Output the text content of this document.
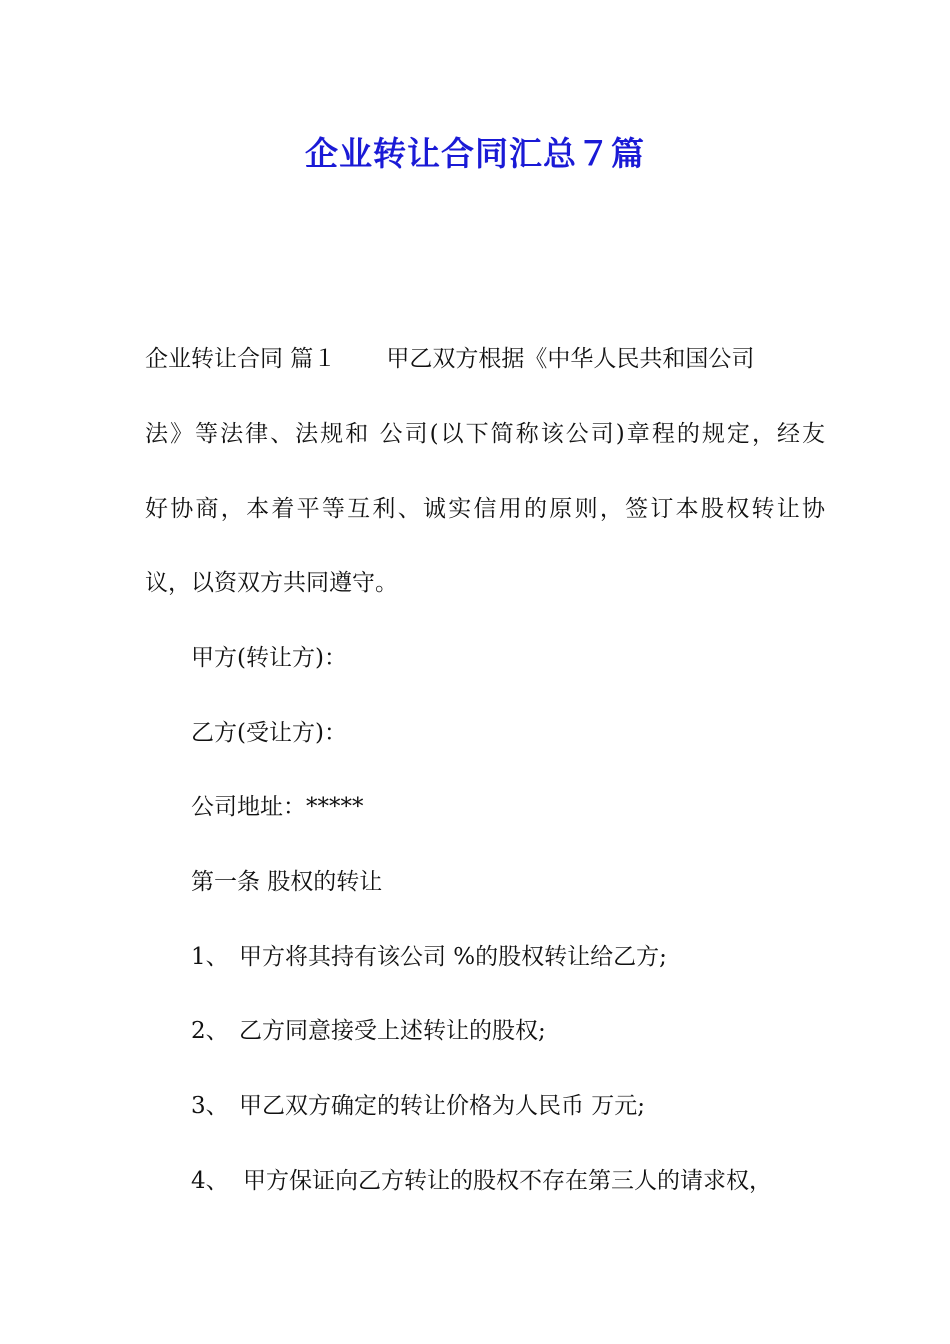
企业转让合同汇总７篇

企业转让合同 篇１ 甲乙双方根据《中华人民共和国公司

法》等法律、法规和 公司(以下简称该公司)章程的规定，经友

好协商，本着平等互利、诚实信用的原则，签订本股权转让协

议，以资双方共同遵守。

甲方(转让方)：

乙方(受让方)：

公司地址：*****

第一条 股权的转让

1、 甲方将其持有该公司 %的股权转让给乙方;

2、 乙方同意接受上述转让的股权;

3、 甲乙双方确定的转让价格为人民币 万元;

4、 甲方保证向乙方转让的股权不存在第三人的请求权，
